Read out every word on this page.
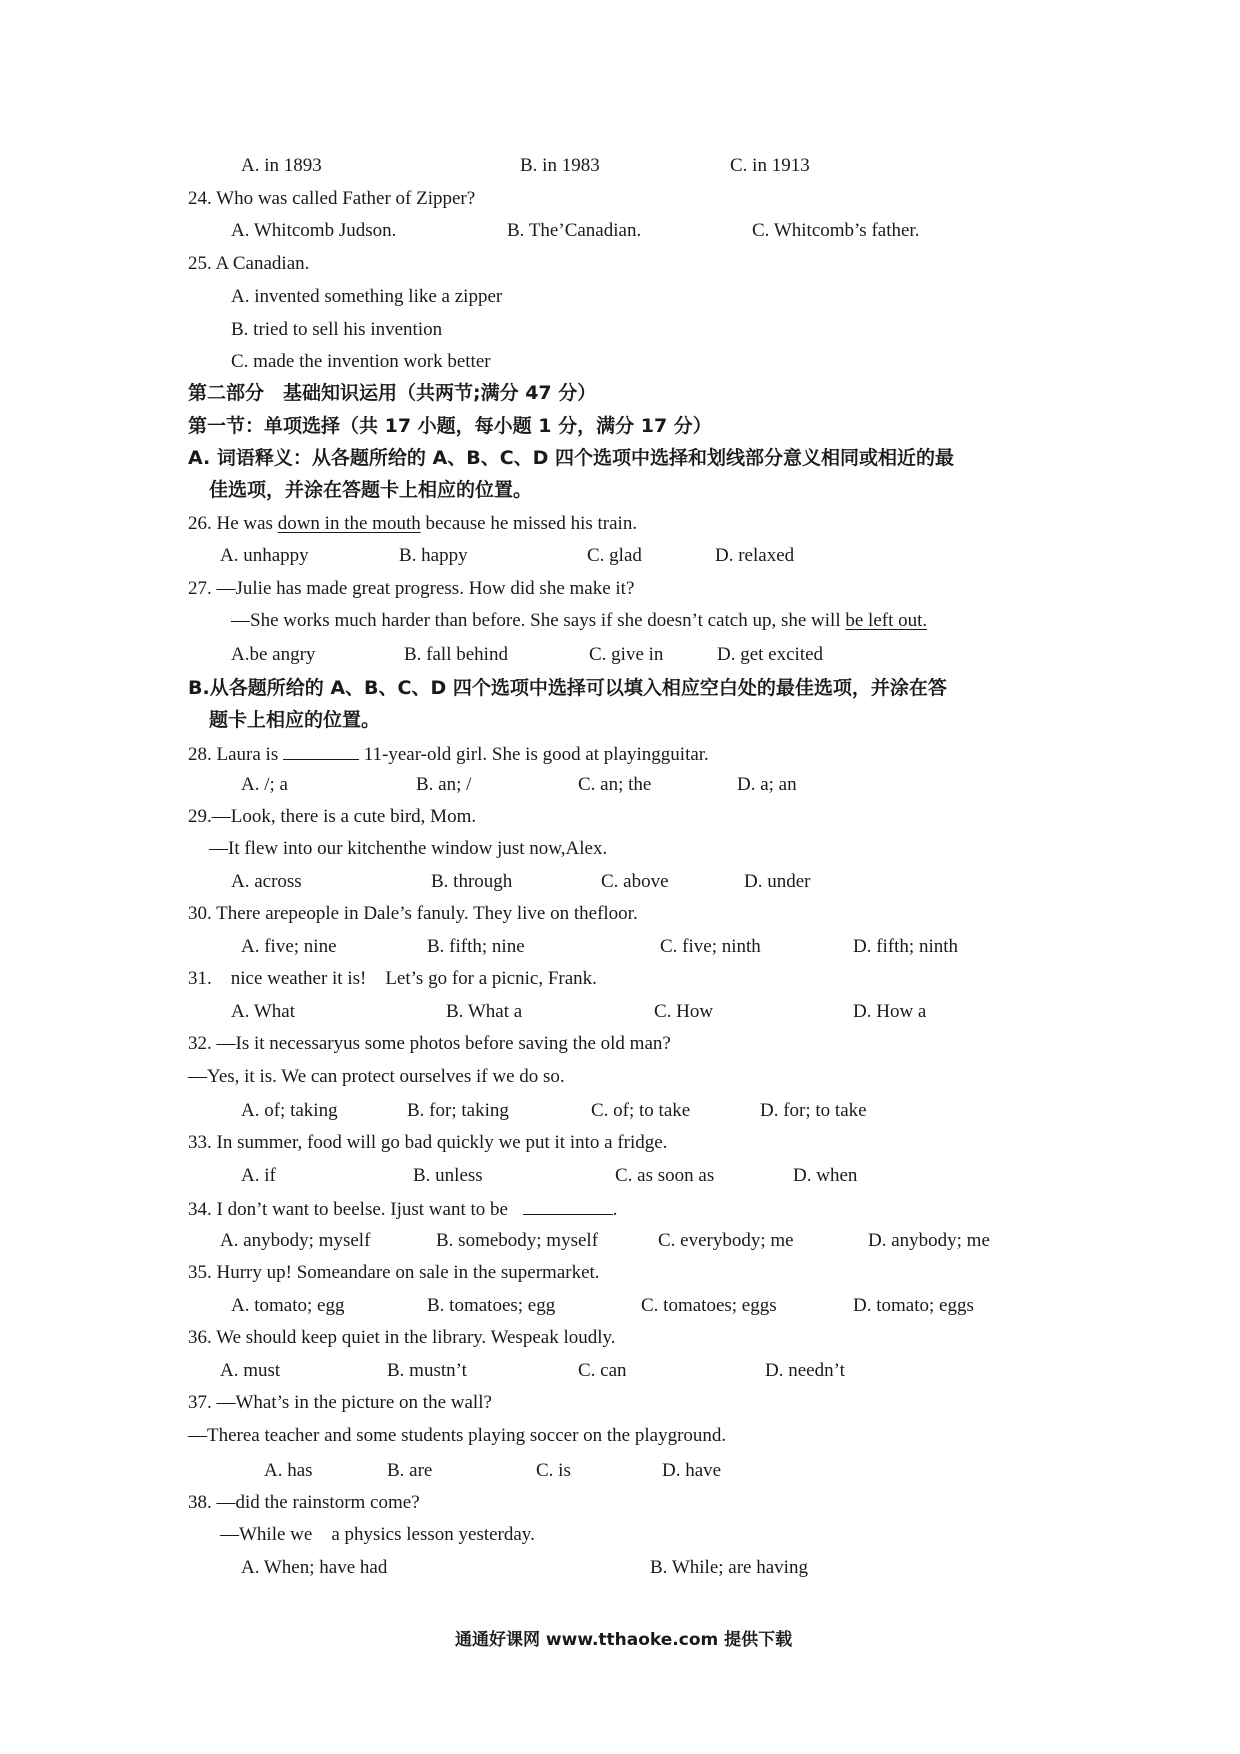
A. in 1893	B. in 1983	C. in 1913
24. Who was called Father of Zipper?
A. Whitcomb Judson.	B. The’Canadian.	C. Whitcomb’s father.
25. A Canadian.
A. invented something like a zipper
B. tried to sell his invention
C. made the invention work better
第二部分　基础知识运用（共两节;满分 47 分）
第一节：单项选择（共 17 小题，每小题 1 分，满分 17 分）
A. 词语释义：从各题所给的 A、B、C、D 四个选项中选择和划线部分意义相同或相近的最
佳选项，并涂在答题卡上相应的位置。
26. He was down in the mouth because he missed his train.
A. unhappy	B. happy	C. glad	D. relaxed
27. —Julie has made great progress. How did she make it?
—She works much harder than before. She says if she doesn’t catch up, she will be left out.
A.be angry	B. fall behind	C. give in	D. get excited
B.从各题所给的 A、B、C、D 四个选项中选择可以填入相应空白处的最佳选项，并涂在答
题卡上相应的位置。
28. Laura is	11-year-old girl. She is good at playingguitar.
A. /; a	B. an; /	C. an; the	D. a; an
29.—Look, there is a cute bird, Mom.
—It flew into our kitchenthe window just now,Alex.
A. across	B. through	C. above	D. under
30. There arepeople in Dale’s fanuly. They live on thefloor.
A. five; nine	B. fifth; nine	C. five; ninth	D. fifth; ninth
31.　nice weather it is!　Let’s go for a picnic, Frank.
A. What	B. What a	C. How	D. How a
32. —Is it necessaryus some photos before saving the old man?
—Yes, it is. We can protect ourselves if we do so.
A. of; taking	B. for; taking	C. of; to take	D. for; to take
33. In summer, food will go bad quickly we put it into a fridge.
A. if	B. unless	C. as soon as	D. when
34. I don’t want to beelse. Ijust want to be	.
A. anybody; myself	B. somebody; myself	C. everybody; me	D. anybody; me
35. Hurry up! Someandare on sale in the supermarket.
A. tomato; egg	B. tomatoes; egg	C. tomatoes; eggs	D. tomato; eggs
36. We should keep quiet in the library. Wespeak loudly.
A. must	B. mustn’t	C. can	D. needn’t
37. —What’s in the picture on the wall?
—Therea teacher and some students playing soccer on the playground.
A. has	B. are	C. is	D. have
38. —did the rainstorm come?
—While we　a physics lesson yesterday.
A. When; have had	B. While; are having
通通好课网 www.tthaoke.com 提供下载
